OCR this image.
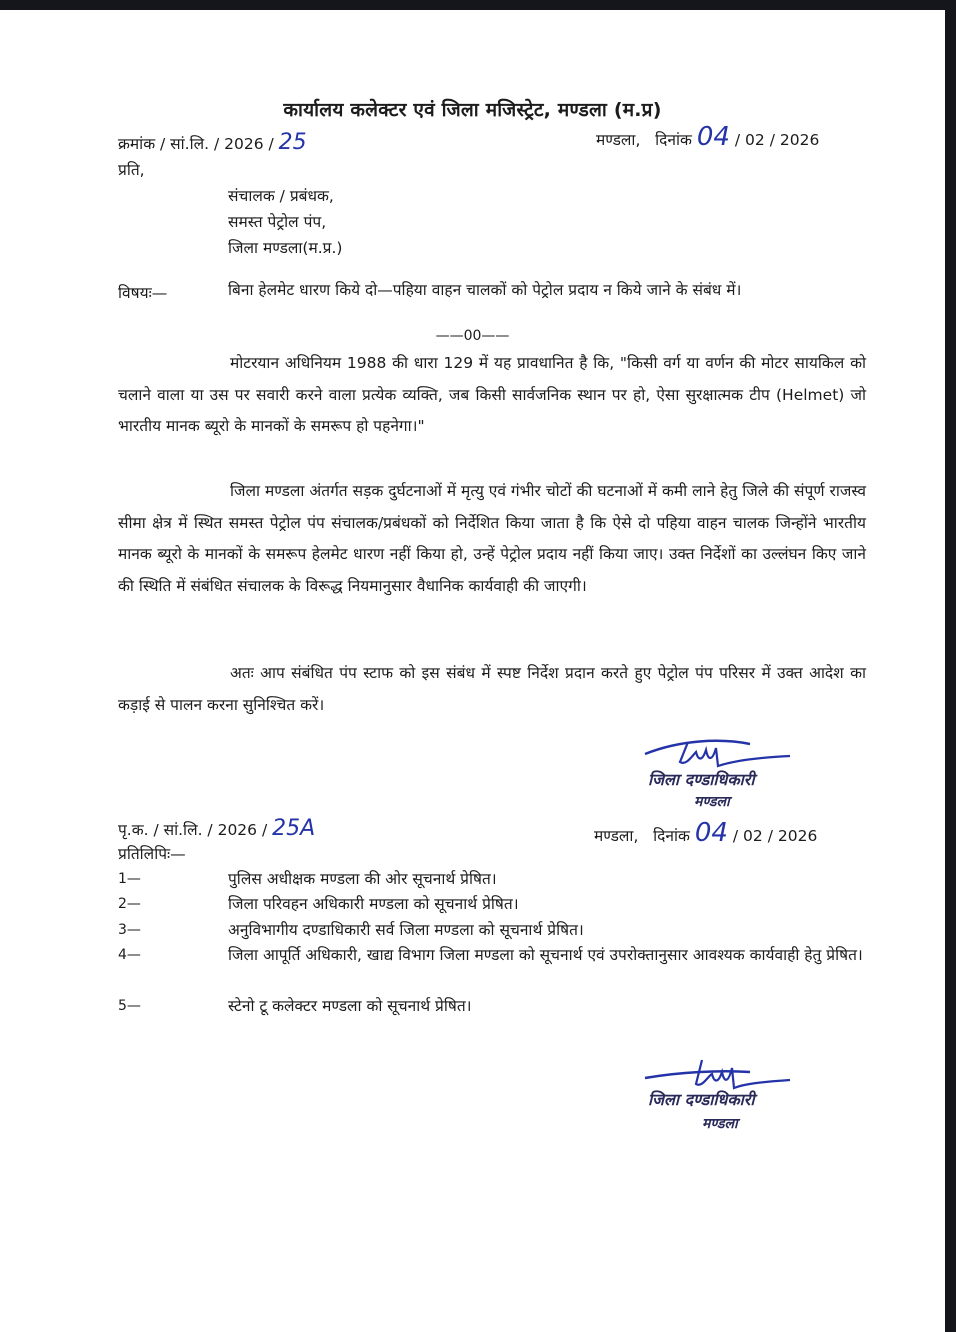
कार्यालय कलेक्टर एवं जिला मजिस्ट्रेट, मण्डला (म.प्र)
क्रमांक / सां.लि. / 2026 / 25	मण्डला, दिनांक 04 / 02 / 2026
प्रति,
संचालक / प्रबंधक,
समस्त पेट्रोल पंप,
जिला मण्डला(म.प्र.)
विषयः—	बिना हेलमेट धारण किये दो—पहिया वाहन चालकों को पेट्रोल प्रदाय न किये जाने के संबंध में।
——00——
मोटरयान अधिनियम 1988 की धारा 129 में यह प्रावधानित है कि, "किसी वर्ग या वर्णन की मोटर सायकिल को चलाने वाला या उस पर सवारी करने वाला प्रत्येक व्यक्ति, जब किसी सार्वजनिक स्थान पर हो, ऐसा सुरक्षात्मक टीप (Helmet) जो भारतीय मानक ब्यूरो के मानकों के समरूप हो पहनेगा।"
जिला मण्डला अंतर्गत सड़क दुर्घटनाओं में मृत्यु एवं गंभीर चोटों की घटनाओं में कमी लाने हेतु जिले की संपूर्ण राजस्व सीमा क्षेत्र में स्थित समस्त पेट्रोल पंप संचालक/प्रबंधकों को निर्देशित किया जाता है कि ऐसे दो पहिया वाहन चालक जिन्होंने भारतीय मानक ब्यूरो के मानकों के समरूप हेलमेट धारण नहीं किया हो, उन्हें पेट्रोल प्रदाय नहीं किया जाए। उक्त निर्देशों का उल्लंघन किए जाने की स्थिति में संबंधित संचालक के विरूद्ध नियमानुसार वैधानिक कार्यवाही की जाएगी।
अतः आप संबंधित पंप स्टाफ को इस संबंध में स्पष्ट निर्देश प्रदान करते हुए पेट्रोल पंप परिसर में उक्त आदेश का कड़ाई से पालन करना सुनिश्चित करें।
जिला दण्डाधिकारी
मण्डला
पृ.क. / सां.लि. / 2026 / 25A	मण्डला, दिनांक 04 / 02 / 2026
प्रतिलिपिः—
1—	पुलिस अधीक्षक मण्डला की ओर सूचनार्थ प्रेषित।
2—	जिला परिवहन अधिकारी मण्डला को सूचनार्थ प्रेषित।
3—	अनुविभागीय दण्डाधिकारी सर्व जिला मण्डला को सूचनार्थ प्रेषित।
4—	जिला आपूर्ति अधिकारी, खाद्य विभाग जिला मण्डला को सूचनार्थ एवं उपरोक्तानुसार आवश्यक कार्यवाही हेतु प्रेषित।
5—	स्टेनो टू कलेक्टर मण्डला को सूचनार्थ प्रेषित।
जिला दण्डाधिकारी
मण्डला
